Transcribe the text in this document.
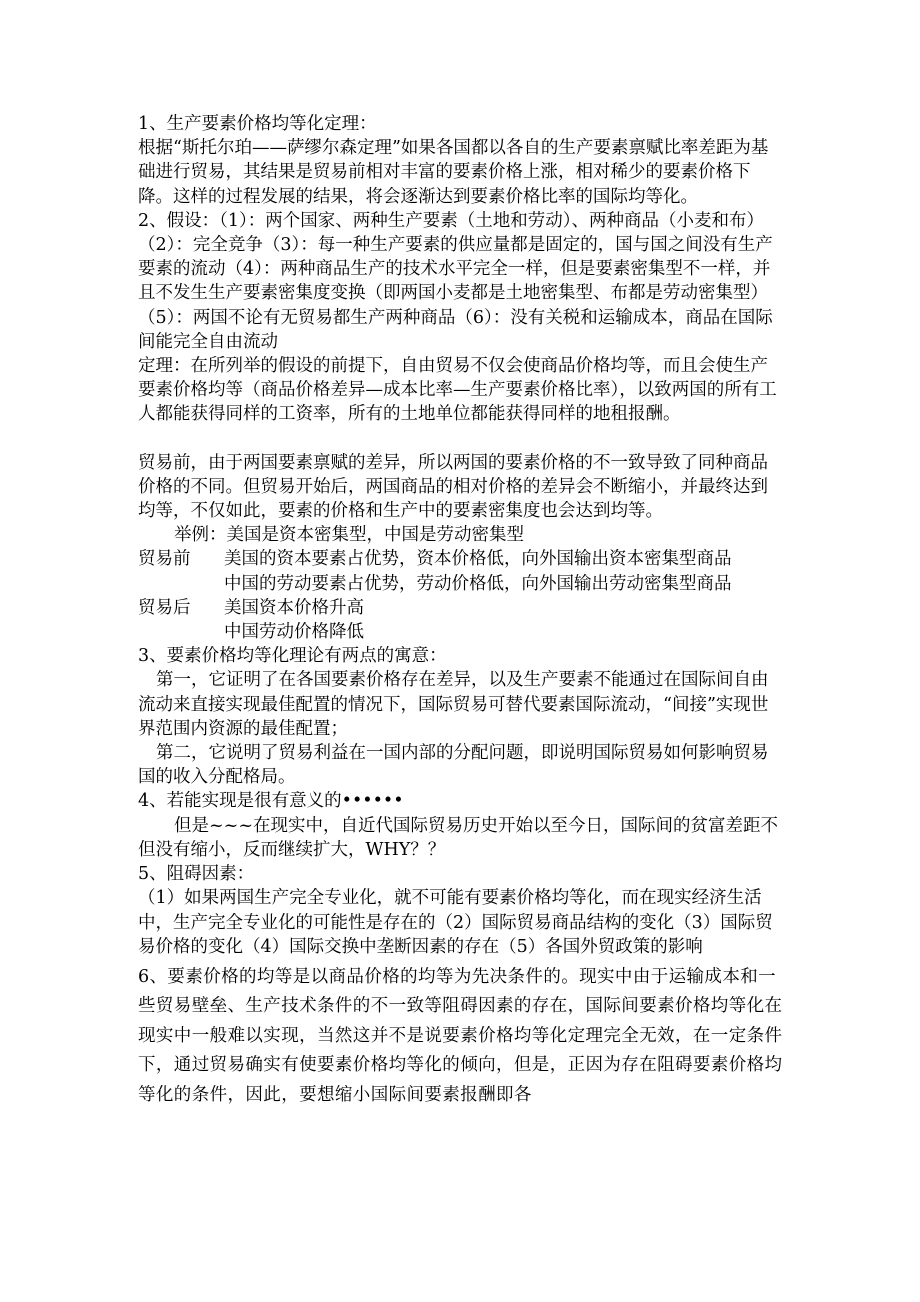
1、生产要素价格均等化定理：

根据“斯托尔珀——萨缪尔森定理”如果各国都以各自的生产要素禀赋比率差距为基础进行贸易，其结果是贸易前相对丰富的要素价格上涨，相对稀少的要素价格下降。这样的过程发展的结果，将会逐渐达到要素价格比率的国际均等化。

2、假设：（1）：两个国家、两种生产要素（土地和劳动）、两种商品（小麦和布）

（2）：完全竞争（3）：每一种生产要素的供应量都是固定的，国与国之间没有生产要素的流动（4）：两种商品生产的技术水平完全一样，但是要素密集型不一样，并且不发生生产要素密集度变换（即两国小麦都是土地密集型、布都是劳动密集型）（5）：两国不论有无贸易都生产两种商品（6）：没有关税和运输成本，商品在国际间能完全自由流动

定理：在所列举的假设的前提下，自由贸易不仅会使商品价格均等，而且会使生产要素价格均等（商品价格差异—成本比率—生产要素价格比率），以致两国的所有工人都能获得同样的工资率，所有的土地单位都能获得同样的地租报酬。

贸易前，由于两国要素禀赋的差异，所以两国的要素价格的不一致导致了同种商品价格的不同。但贸易开始后，两国商品的相对价格的差异会不断缩小，并最终达到均等，不仅如此，要素的价格和生产中的要素密集度也会达到均等。

举例：美国是资本密集型，中国是劳动密集型

贸易前	美国的资本要素占优势，资本价格低，向外国输出资本密集型商品
中国的劳动要素占优势，劳动价格低，向外国输出劳动密集型商品
贸易后	美国资本价格升高
中国劳动价格降低

3、要素价格均等化理论有两点的寓意：

第一，它证明了在各国要素价格存在差异，以及生产要素不能通过在国际间自由流动来直接实现最佳配置的情况下，国际贸易可替代要素国际流动，“间接”实现世界范围内资源的最佳配置；

第二，它说明了贸易利益在一国内部的分配问题，即说明国际贸易如何影响贸易国的收入分配格局。

4、若能实现是很有意义的••••••

但是~~~在现实中，自近代国际贸易历史开始以至今日，国际间的贫富差距不但没有缩小，反而继续扩大，WHY？？

5、阻碍因素：

（1）如果两国生产完全专业化，就不可能有要素价格均等化，而在现实经济生活中，生产完全专业化的可能性是存在的（2）国际贸易商品结构的变化（3）国际贸易价格的变化（4）国际交换中垄断因素的存在（5）各国外贸政策的影响

6、要素价格的均等是以商品价格的均等为先决条件的。现实中由于运输成本和一些贸易壁垒、生产技术条件的不一致等阻碍因素的存在，国际间要素价格均等化在现实中一般难以实现，当然这并不是说要素价格均等化定理完全无效，在一定条件下，通过贸易确实有使要素价格均等化的倾向，但是，正因为存在阻碍要素价格均等化的条件，因此，要想缩小国际间要素报酬即各
